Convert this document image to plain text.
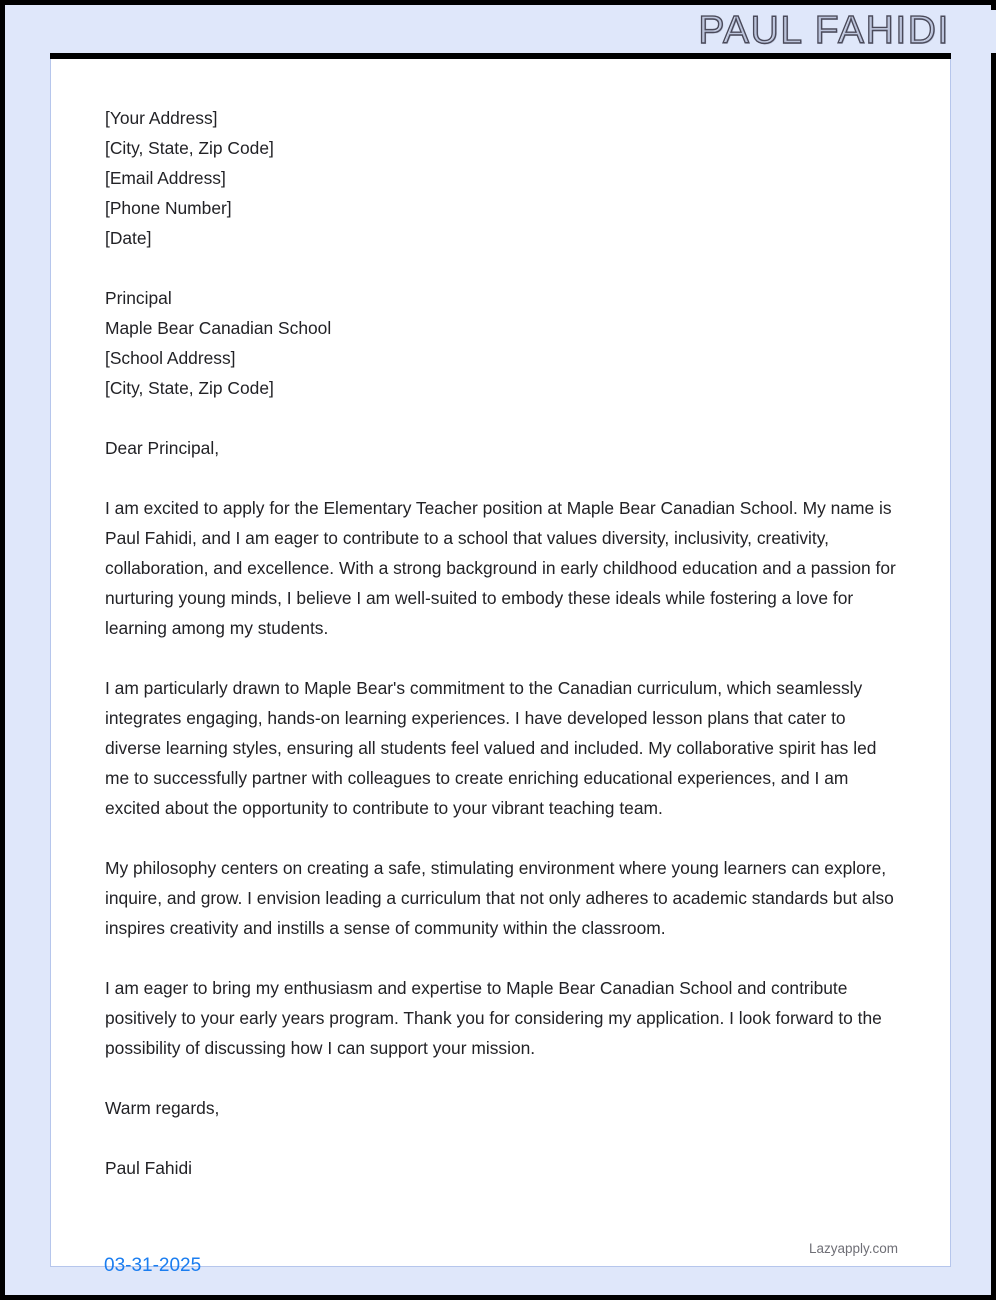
PAUL FAHIDI
[Your Address]
[City, State, Zip Code]
[Email Address]
[Phone Number]
[Date]
Principal
Maple Bear Canadian School
[School Address]
[City, State, Zip Code]
Dear Principal,

I am excited to apply for the Elementary Teacher position at Maple Bear Canadian School. My name is Paul Fahidi, and I am eager to contribute to a school that values diversity, inclusivity, creativity, collaboration, and excellence. With a strong background in early childhood education and a passion for nurturing young minds, I believe I am well-suited to embody these ideals while fostering a love for learning among my students.

I am particularly drawn to Maple Bear's commitment to the Canadian curriculum, which seamlessly integrates engaging, hands-on learning experiences. I have developed lesson plans that cater to diverse learning styles, ensuring all students feel valued and included. My collaborative spirit has led me to successfully partner with colleagues to create enriching educational experiences, and I am excited about the opportunity to contribute to your vibrant teaching team.

My philosophy centers on creating a safe, stimulating environment where young learners can explore, inquire, and grow. I envision leading a curriculum that not only adheres to academic standards but also inspires creativity and instills a sense of community within the classroom.

I am eager to bring my enthusiasm and expertise to Maple Bear Canadian School and contribute positively to your early years program. Thank you for considering my application. I look forward to the possibility of discussing how I can support your mission.

Warm regards,
Paul Fahidi
Lazyapply.com
03-31-2025
